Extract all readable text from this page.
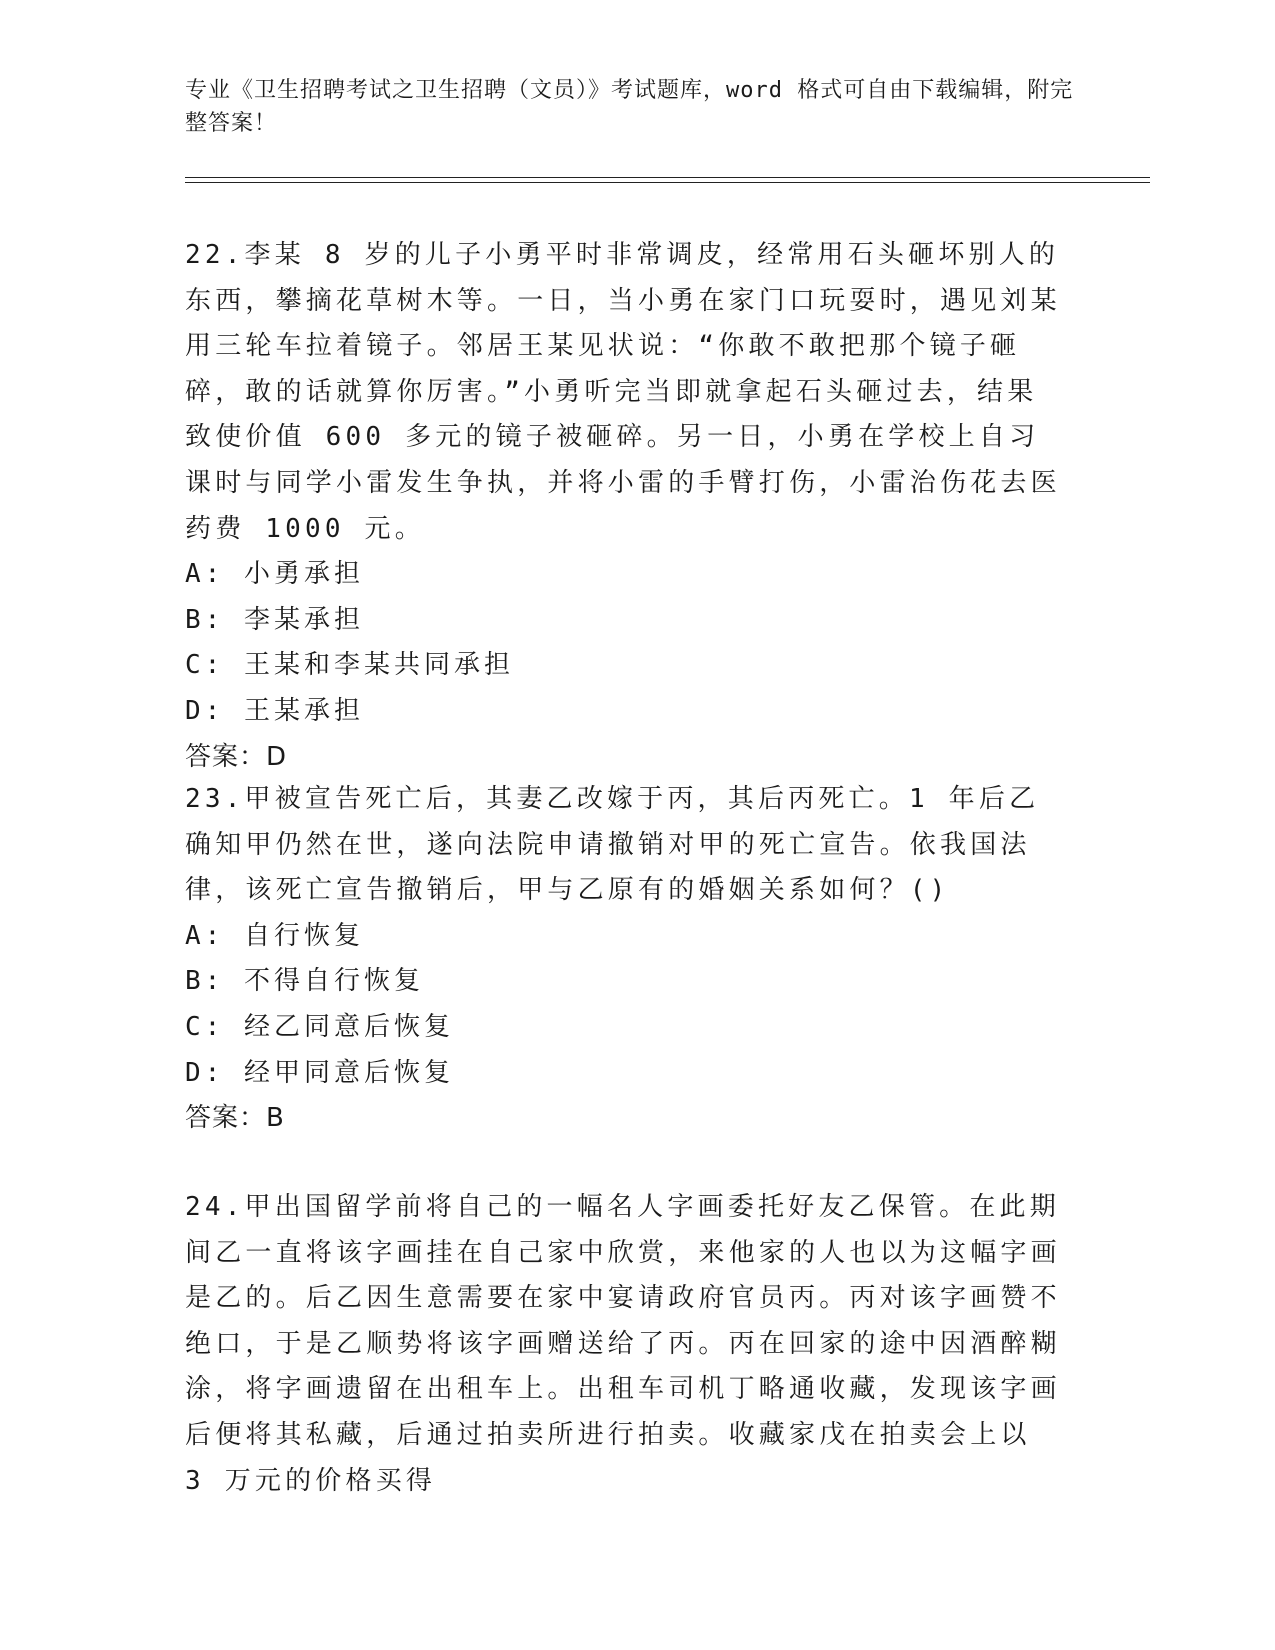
专业《卫生招聘考试之卫生招聘（文员）》考试题库，word 格式可自由下载编辑，附完整答案！

22.李某 8 岁的儿子小勇平时非常调皮，经常用石头砸坏别人的东西，攀摘花草树木等。一日，当小勇在家门口玩耍时，遇见刘某用三轮车拉着镜子。邻居王某见状说：“你敢不敢把那个镜子砸碎，敢的话就算你厉害。”小勇听完当即就拿起石头砸过去，结果致使价值 600 多元的镜子被砸碎。另一日，小勇在学校上自习课时与同学小雷发生争执，并将小雷的手臂打伤，小雷治伤花去医药费 1000 元。

A: 小勇承担
B: 李某承担
C: 王某和李某共同承担
D: 王某承担
答案：D

23.甲被宣告死亡后，其妻乙改嫁于丙，其后丙死亡。1 年后乙确知甲仍然在世，遂向法院申请撤销对甲的死亡宣告。依我国法律，该死亡宣告撤销后，甲与乙原有的婚姻关系如何？()

A: 自行恢复
B: 不得自行恢复
C: 经乙同意后恢复
D: 经甲同意后恢复
答案：B

24.甲出国留学前将自己的一幅名人字画委托好友乙保管。在此期间乙一直将该字画挂在自己家中欣赏，来他家的人也以为这幅字画是乙的。后乙因生意需要在家中宴请政府官员丙。丙对该字画赞不绝口，于是乙顺势将该字画赠送给了丙。丙在回家的途中因酒醉糊涂，将字画遗留在出租车上。出租车司机丁略通收藏，发现该字画后便将其私藏，后通过拍卖所进行拍卖。收藏家戊在拍卖会上以 3 万元的价格买得
